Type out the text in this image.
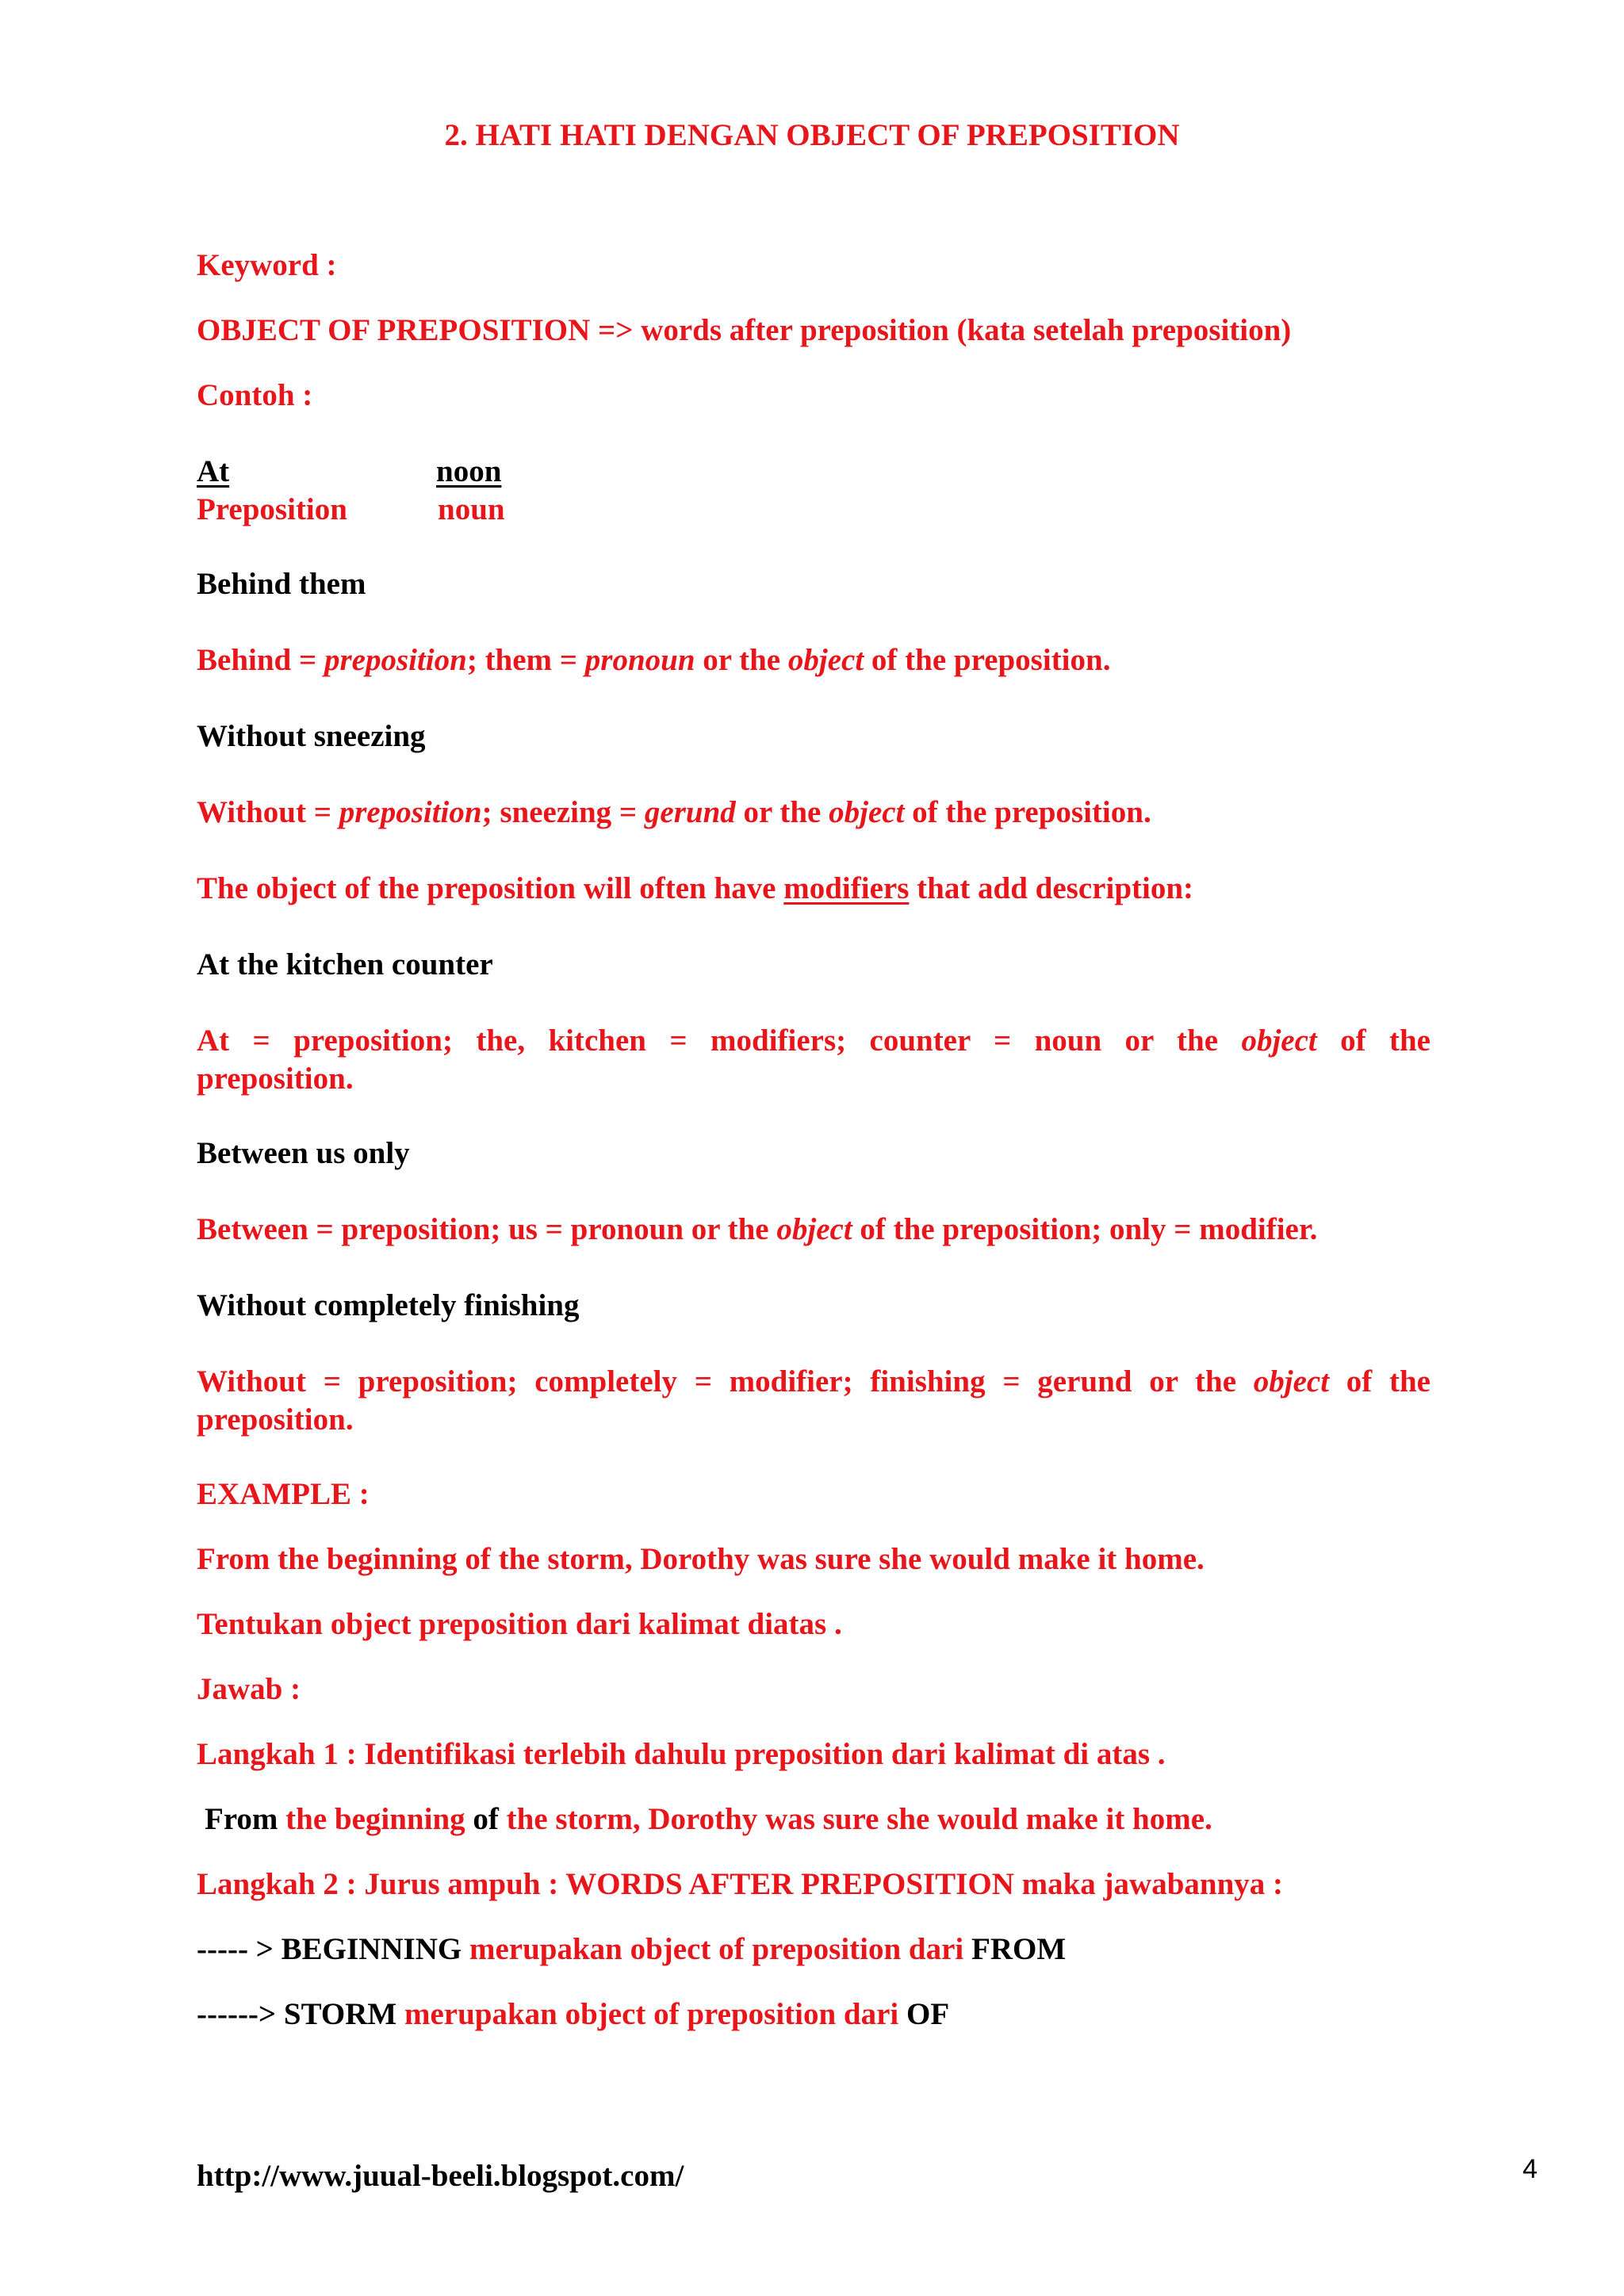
2. HATI HATI DENGAN OBJECT OF PREPOSITION
Keyword :
OBJECT OF PREPOSITION => words after preposition (kata setelah preposition)
Contoh :
At	noon
Preposition	noun
Behind them
Behind = preposition; them = pronoun or the object of the preposition.
Without sneezing
Without = preposition; sneezing = gerund or the object of the preposition.
The object of the preposition will often have modifiers that add description:
At the kitchen counter
At = preposition; the, kitchen = modifiers; counter = noun or the object of the
preposition.
Between us only
Between = preposition; us = pronoun or the object of the preposition; only = modifier.
Without completely finishing
Without = preposition; completely = modifier; finishing = gerund or the object of the
preposition.
EXAMPLE :
From the beginning of the storm, Dorothy was sure she would make it home.
Tentukan object preposition dari kalimat diatas .
Jawab :
Langkah 1 : Identifikasi terlebih dahulu preposition dari kalimat di atas .
From the beginning of the storm, Dorothy was sure she would make it home.
Langkah 2 : Jurus ampuh : WORDS AFTER PREPOSITION maka jawabannya :
----- > BEGINNING merupakan object of preposition dari FROM
------> STORM merupakan object of preposition dari OF
http://www.juual-beeli.blogspot.com/	4
